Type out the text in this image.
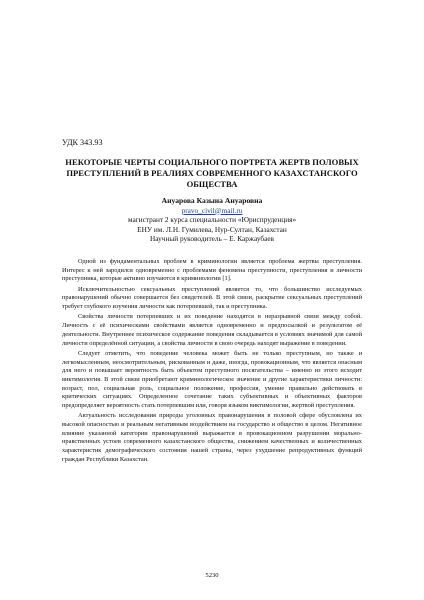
УДК 343.93
НЕКОТОРЫЕ ЧЕРТЫ СОЦИАЛЬНОГО ПОРТРЕТА ЖЕРТВ ПОЛОВЫХ ПРЕСТУПЛЕНИЙ В РЕАЛИЯХ СОВРЕМЕННОГО КАЗАХСТАНСКОГО ОБЩЕСТВА
Ануарова Казына Ануаровна
pravo_civil@mail.ru
магистрант 2 курса специальности «Юриспруденция»
ЕНУ им. Л.Н. Гумилева, Нур-Султан, Казахстан
Научный руководитель – Е. Каржаубаев

Одной из фундаментальных проблем в криминологии является проблема жертвы преступления. Интерес к ней зародился одновременно с проблемами феномена преступности, преступления и личности преступника, которые активно изучаются в криминологии [1].

Исключительностью сексуальных преступлений является то, что большинство исследуемых правонарушений обычно совершается без свидетелей. В этой связи, раскрытие сексуальных преступлений требует глубокого изучения личности как потерпевшей, так и преступника.

Свойства личности потерпевших и их поведение находятся в неразрывной связи между собой. Личность с её психическими свойствами является одновременно и предпосылкой и результатом её деятельности. Внутреннее психическое содержание поведения складывается в условиях значимой для самой личности определённой ситуации, а свойства личности в свою очередь находят выражение в поведении.

Следует отметить, что поведение человека может быть не только преступным, но также и легкомысленным, неосмотрительным, рискованным и даже, иногда, провокационным, что является опасным для него и повышает вероятность быть объектом преступного посягательства – именно из этого исходит виктимология. В этой связи приобретают криминологическое значение и другие характеристики личности: возраст, пол, социальная роль, социальное положение, профессия, умение правильно действовать в критических ситуациях. Определенное сочетание таких субъективных и объективных факторов предопределяет вероятность стать потерпевшим или, говоря языком виктимологии, жертвой преступления.

Актуальность исследования природы уголовных правонарушения в половой сфере обусловлена их высокой опасностью и реальным негативным воздействием на государство и общество в целом. Негативное влияние указанной категории правонарушений выражается в провокационном разрушении морально-нравственных устоев современного казахстанского общества, снижением качественных и количественных характеристик демографического состояния нашей страны, через ухудшение репродуктивных функций граждан Республики Казахстан.

5230
